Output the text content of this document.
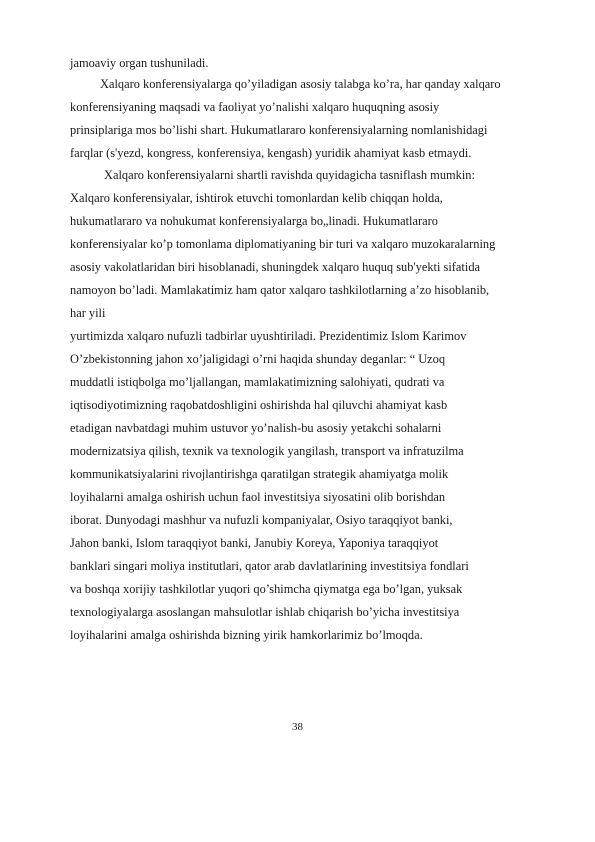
jamoaviy organ tushuniladi.
Xalqaro konferensiyalarga qo’yiladigan asosiy talabga ko’ra, har qanday xalqaro
konferensiyaning maqsadi va faoliyat yo’nalishi xalqaro huquqning asosiy
prinsiplariga mos bo’lishi shart. Hukumatlararo konferensiyalarning nomlanishidagi
farqlar (s'yezd, kongress, konferensiya, kengash) yuridik ahamiyat kasb etmaydi.
Xalqaro konferensiyalarni shartli ravishda quyidagicha tasniflash mumkin:
Xalqaro konferensiyalar, ishtirok etuvchi tomonlardan kelib chiqqan holda,
hukumatlararo va nohukumat konferensiyalarga bo„linadi. Hukumatlararo
konferensiyalar ko’p tomonlama diplomatiyaning bir turi va xalqaro muzokaralarning
asosiy vakolatlaridan biri hisoblanadi, shuningdek xalqaro huquq sub'yekti sifatida
namoyon bo’ladi. Mamlakatimiz ham qator xalqaro tashkilotlarning a’zo hisoblanib,
har yili
yurtimizda xalqaro nufuzli tadbirlar uyushtiriladi. Prezidentimiz Islom Karimov
O’zbekistonning jahon xo’jaligidagi o’rni haqida shunday deganlar: “ Uzoq
muddatli istiqbolga mo’ljallangan, mamlakatimizning salohiyati, qudrati va
iqtisodiyotimizning raqobatdoshligini oshirishda hal qiluvchi ahamiyat kasb
etadigan navbatdagi muhim ustuvor yo’nalish-bu asosiy yetakchi sohalarni
modernizatsiya qilish, texnik va texnologik yangilash, transport va infratuzilma
kommunikatsiyalarini rivojlantirishga qaratilgan strategik ahamiyatga molik
loyihalarni amalga oshirish uchun faol investitsiya siyosatini olib borishdan
iborat. Dunyodagi mashhur va nufuzli kompaniyalar, Osiyo taraqqiyot banki,
Jahon banki, Islom taraqqiyot banki, Janubiy Koreya, Yaponiya taraqqiyot
banklari singari moliya institutlari, qator arab davlatlarining investitsiya fondlari
va boshqa xorijiy tashkilotlar yuqori qo’shimcha qiymatga ega bo’lgan, yuksak
texnologiyalarga asoslangan mahsulotlar ishlab chiqarish bo’yicha investitsiya
loyihalarini amalga oshirishda bizning yirik hamkorlarimiz bo’lmoqda.
38
